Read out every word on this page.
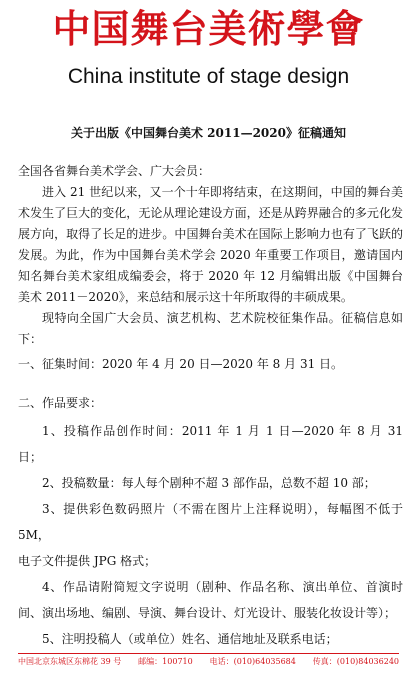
中国舞台美術學會
China institute of stage design
关于出版《中国舞台美术 2011—2020》征稿通知

全国各省舞台美术学会、广大会员：

进入 21 世纪以来，又一个十年即将结束，在这期间，中国的舞台美术发生了巨大的变化，无论从理论建设方面，还是从跨界融合的多元化发展方向，取得了长足的进步。中国舞台美术在国际上影响力也有了飞跃的发展。为此，作为中国舞台美术学会 2020 年重要工作项目，邀请国内知名舞台美术家组成编委会，将于 2020 年 12 月编辑出版《中国舞台美术 2011－2020》，来总结和展示这十年所取得的丰硕成果。

现特向全国广大会员、演艺机构、艺术院校征集作品。征稿信息如下：

一、征集时间：2020 年 4 月 20 日—2020 年 8 月 31 日。

二、作品要求：

1、投稿作品创作时间：2011 年 1 月 1 日—2020 年 8 月 31 日；

2、投稿数量：每人每个剧种不超 3 部作品，总数不超 10 部；

3、提供彩色数码照片（不需在图片上注释说明），每幅图不低于 5M，

电子文件提供 JPG 格式；

4、作品请附简短文字说明（剧种、作品名称、演出单位、首演时间、演出场地、编剧、导演、舞台设计、灯光设计、服装化妆设计等）；

5、注明投稿人（或单位）姓名、通信地址及联系电话；

中国北京东城区东棉花 39 号 邮编：100710 电话：(010)64035684 传真：(010)84036240
